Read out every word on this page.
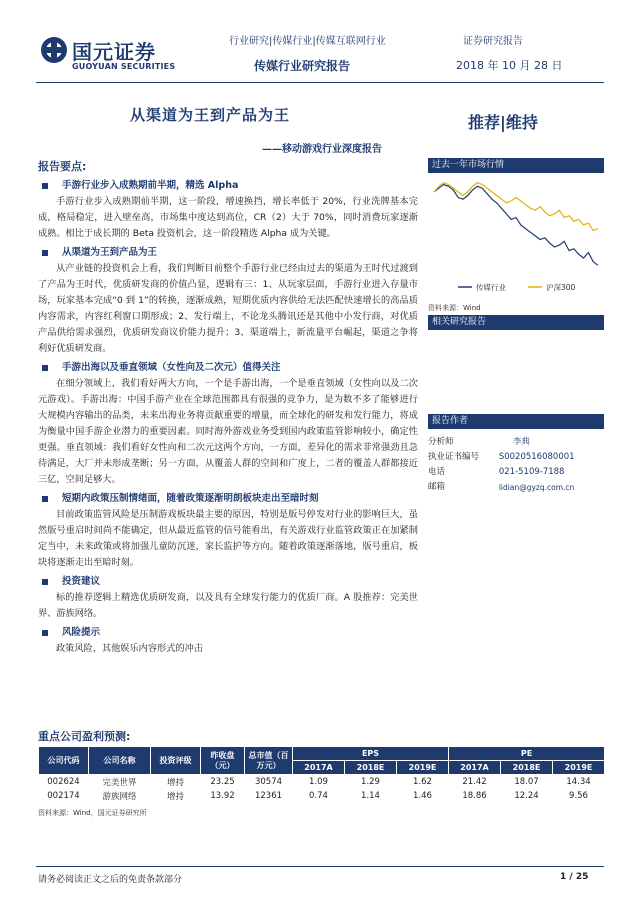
国元证券
GUOYUAN SECURITIES
行业研究|传媒行业|传媒互联网行业	证券研究报告
传媒行业研究报告	2018 年 10 月 28 日
从渠道为王到产品为王	推荐|维持
——移动游戏行业深度报告
报告要点:
手游行业步入成熟期前半期，精选 Alpha
手游行业步入成熟期前半期，这一阶段，增速换挡，增长率低于 20%，行业洗牌基本完成，格局稳定，进入壁垒高，市场集中度达到高位，CR（2）大于 70%，同时消费玩家逐渐成熟。相比于成长期的 Beta 投资机会，这一阶段精选 Alpha 成为关键。
从渠道为王到产品为王
从产业链的投资机会上看，我们判断目前整个手游行业已经由过去的渠道为王时代过渡到了产品为王时代，优质研发商的价值凸显，逻辑有三：1、从玩家层面，手游行业进入存量市场，玩家基本完成“0 到 1”的转换，逐渐成熟，短期优质内容供给无法匹配快速增长的高品质内容需求，内容红利窗口期形成；2、发行端上，不论龙头腾讯还是其他中小发行商，对优质产品供给需求强烈，优质研发商议价能力提升；3、渠道端上，新流量平台崛起，渠道之争将利好优质研发商。
手游出海以及垂直领域（女性向及二次元）值得关注
在细分领域上，我们看好两大方向，一个是手游出海，一个是垂直领域（女性向以及二次元游戏）。手游出海：中国手游产业在全球范围都具有很强的竞争力，是为数不多了能够进行大规模内容输出的品类，未来出海业务将贡献重要的增量，而全球化的研发和发行能力，将成为衡量中国手游企业潜力的重要因素。同时海外游戏业务受到国内政策监管影响较小，确定性更强。垂直领域：我们看好女性向和二次元这两个方向，一方面，差异化的需求非常强劲且急待满足，大厂并未形成垄断；另一方面，从覆盖人群的空间和广度上，二者的覆盖人群都接近三亿，空间足够大。
短期内政策压制情绪面，随着政策逐渐明朗板块走出至暗时刻
目前政策监管风险是压制游戏板块最主要的原因，特别是版号停发对行业的影响巨大，虽然版号重启时间尚不能确定，但从最近监管的信号能看出，有关游戏行业监管政策正在加紧制定当中，未来政策或将加强儿童防沉迷，家长监护等方向。随着政策逐渐落地，版号重启，板块将逐渐走出至暗时刻。
投资建议
标的推荐逻辑上精选优质研发商，以及具有全球发行能力的优质厂商。A 股推荐：完美世界、游族网络。
风险提示
政策风险，其他娱乐内容形式的冲击
过去一年市场行情
传媒行业	沪深300
资料来源：Wind
相关研究报告
报告作者
分析师	李典
执业证书编号	S0020516080001
电话	021-5109-7188
邮箱	lidian@gyzq.com.cn
重点公司盈利预测:
公司代码	公司名称	投资评级	昨收盘（元）	总市值（百万元）	EPS			PE		
					2017A	2018E	2019E	2017A	2018E	2019E
002624	完美世界	增持	23.25	30574	1.09	1.29	1.62	21.42	18.07	14.34
002174	游族网络	增持	13.92	12361	0.74	1.14	1.46	18.86	12.24	9.56
资料来源：Wind，国元证券研究所
请务必阅读正文之后的免责条款部分	1 / 25
